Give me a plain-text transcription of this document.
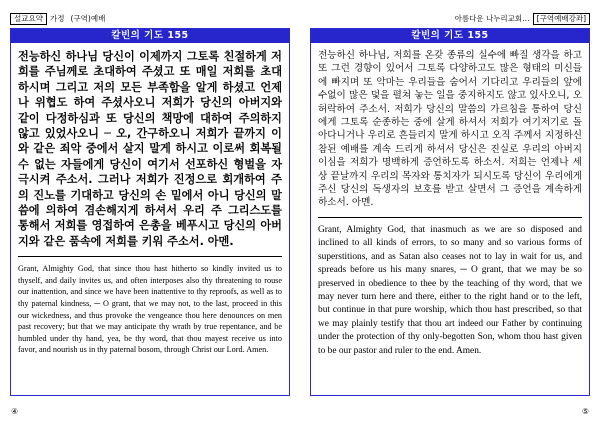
설교요약 가정 (구역)예배
칼빈의 기도 155

전능하신 하나님 당신이 이제까지 그토록 친절하게 저희를 주님께로 초대하여 주셨고 또 매일 저희를 초대하시며 그리고 저의 모든 부족함을 알게 하셨고 언제나 위협도 하여 주셨사오니 저희가 당신의 아버지와 같이 다정하심과 또 당신의 책망에 대하여 주의하지 않고 있었사오니 ─ 오, 간구하오니 저희가 끝까지 이와 같은 죄악 중에서 살지 말게 하시고 이로써 회복될 수 없는 자들에게 당신이 여기서 선포하신 형벌을 자극시켜 주소서. 그러나 저희가 진정으로 회개하여 주의 진노를 기대하고 당신의 손 밑에서 아니 당신의 말씀에 의하여 겸손해지게 하셔서 우리 주 그리스도를 통해서 저희를 영접하여 은총을 베푸시고 당신의 아버지와 같은 품속에 저희를 키워 주소서. 아멘.

Grant, Almighty God, that since thou hast hitherto so kindly invited us to thyself, and daily invites us, and often interposes also thy threatening to rouse our inattention, and since we have been inattentive to thy reproofs, as well as to thy paternal kindness, ─ O grant, that we may not, to the last, proceed in this our wickedness, and thus provoke the vengeance thou here denounces on men past recovery; but that we may anticipate thy wrath by true repentance, and be humbled under thy hand, yea, be thy word, that thou mayest receive us into favor, and nourish us in thy paternal bosom, through Christ our Lord. Amen.

④
아름다운 나누리교회… [구역예배강좌]
칼빈의 기도 155

전능하신 하나님, 저희를 온갖 종류의 실수에 빠질 생각을 하고 또 그런 경향이 있어서 그토록 다양하고도 많은 형태의 미신들에 빠지며 또 악마는 우리들을 숨어서 기다리고 우리들의 앞에 수없이 많은 덫을 펼쳐 놓는 일을 중지하지도 않고 있사오니, 오 허락하여 주소서. 저희가 당신의 말씀의 가르침을 통하여 당신에게 그토록 순종하는 중에 살게 하셔서 저희가 여기저기로 돌아다니거나 우리로 흔들리지 말게 하시고 오직 주께서 지정하신 참된 예배를 계속 드리게 하셔서 당신은 진실로 우리의 아버지이심을 저희가 명백하게 증언하도록 하소서. 저희는 언제나 세상 끝날까지 우리의 목자와 통치자가 되시도록 당신이 우리에게 주신 당신의 독생자의 보호를 받고 살면서 그 증언을 계속하게 하소서. 아멘.

Grant, Almighty God, that inasmuch as we are so disposed and inclined to all kinds of errors, to so many and so various forms of superstitions, and as Satan also ceases not to lay in wait for us, and spreads before us his many snares, ─ O grant, that we may be so preserved in obedience to thee by the teaching of thy word, that we may never turn here and there, either to the right hand or to the left, but continue in that pure worship, which thou hast prescribed, so that we may plainly testify that thou art indeed our Father by continuing under the protection of thy only-begotten Son, whom thou hast given to be our pastor and ruler to the end. Amen.

⑤
